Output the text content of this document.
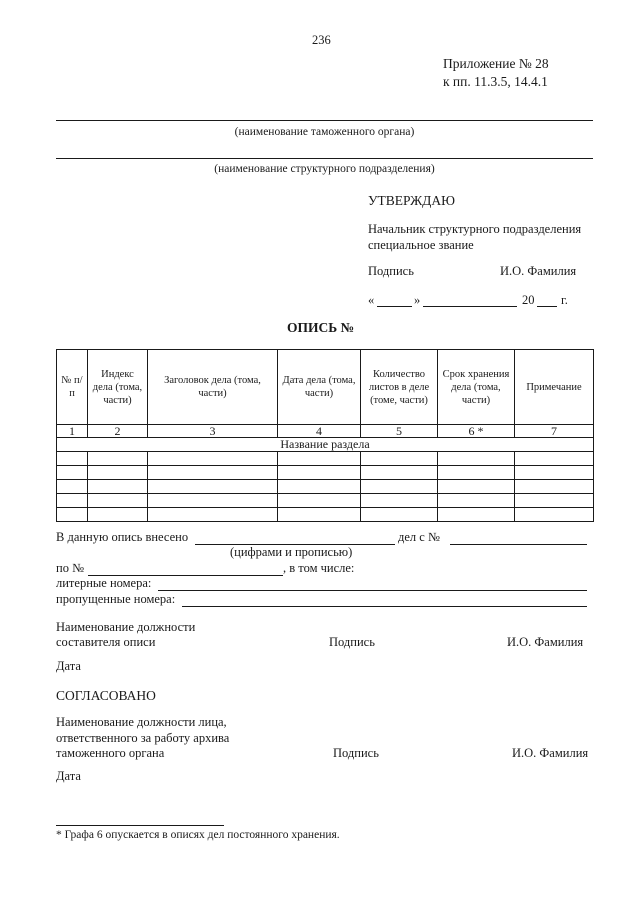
236
Приложение № 28
к пп. 11.3.5, 14.4.1
(наименование таможенного органа)
(наименование структурного подразделения)
УТВЕРЖДАЮ
Начальник структурного подразделения
специальное звание
Подпись	И.О. Фамилия
«	»	20 г.
ОПИСЬ №
№ п/п	Индекс дела (тома, части)	Заголовок дела (тома, части)	Дата дела (тома, части)	Количество листов в деле (томе, части)	Срок хранения дела (тома, части)	Примечание
1	2	3	4	5	6 *	7
Название раздела						

В данную опись внесено	дел с №
(цифрами и прописью)
по №	, в том числе:
литерные номера:
пропущенные номера:
Наименование должности
составителя описи	Подпись	И.О. Фамилия
Дата
СОГЛАСОВАНО
Наименование должности лица,
ответственного за работу архива
таможенного органа	Подпись	И.О. Фамилия
Дата
* Графа 6 опускается в описях дел постоянного хранения.
